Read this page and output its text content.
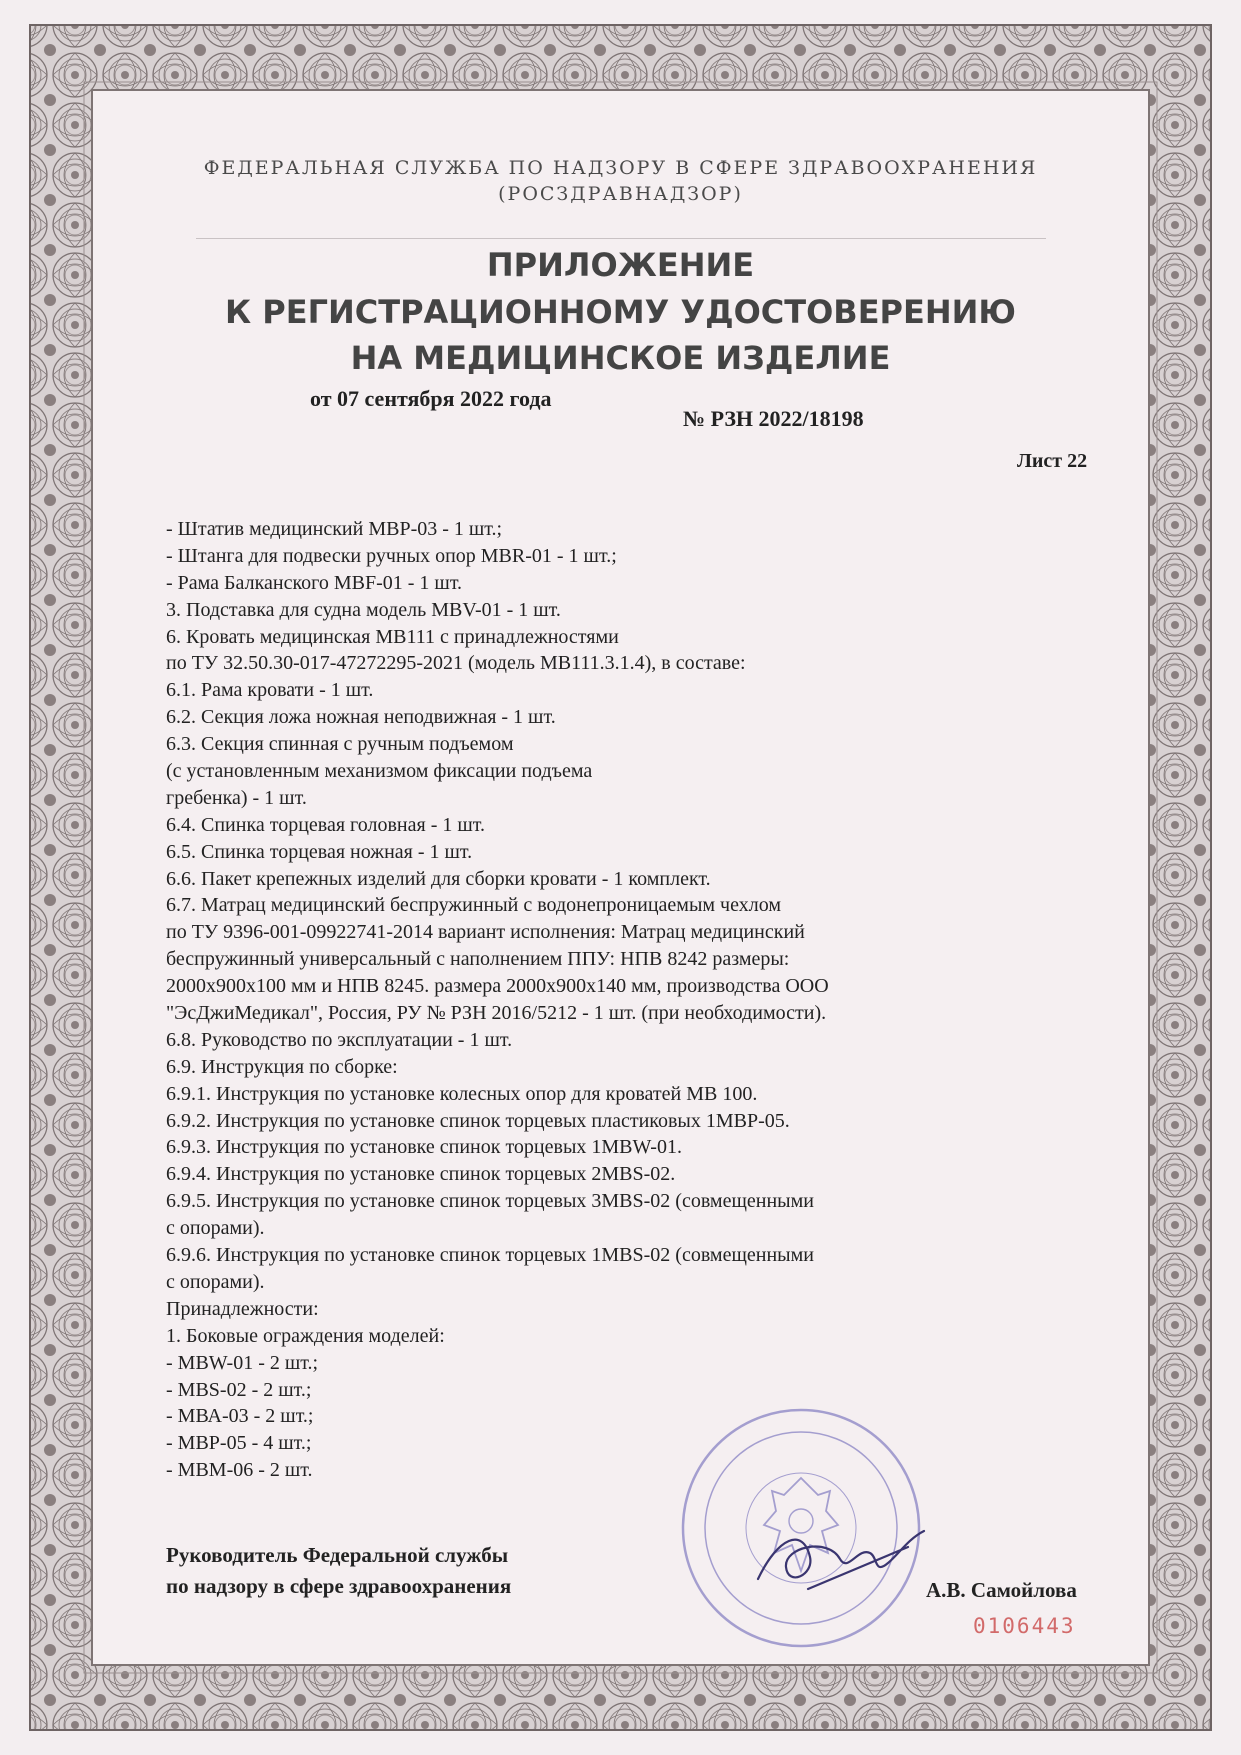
ФЕДЕРАЛЬНАЯ СЛУЖБА ПО НАДЗОРУ В СФЕРЕ ЗДРАВООХРАНЕНИЯ
(РОСЗДРАВНАДЗОР)
ПРИЛОЖЕНИЕ
К РЕГИСТРАЦИОННОМУ УДОСТОВЕРЕНИЮ
НА МЕДИЦИНСКОЕ ИЗДЕЛИЕ
от 07 сентября 2022 года
№ РЗН 2022/18198
Лист 22
- Штатив медицинский МВР-03 - 1 шт.;
- Штанга для подвески ручных опор MBR-01 - 1 шт.;
- Рама Балканского MBF-01 - 1 шт.
3. Подставка для судна модель MBV-01 - 1 шт.
6. Кровать медицинская МВ111 с принадлежностями
по ТУ 32.50.30-017-47272295-2021 (модель МВ111.3.1.4), в составе:
6.1. Рама кровати - 1 шт.
6.2. Секция ложа ножная неподвижная - 1 шт.
6.3. Секция спинная с ручным подъемом
(с установленным механизмом фиксации подъема
гребенка) - 1 шт.
6.4. Спинка торцевая головная - 1 шт.
6.5. Спинка торцевая ножная - 1 шт.
6.6. Пакет крепежных изделий для сборки кровати - 1 комплект.
6.7. Матрац медицинский беспружинный с водонепроницаемым чехлом
по ТУ 9396-001-09922741-2014 вариант исполнения: Матрац медицинский
беспружинный универсальный с наполнением ППУ: НПВ 8242 размеры:
2000х900х100 мм и НПВ 8245. размера 2000х900х140 мм, производства ООО
"ЭсДжиМедикал", Россия, РУ № РЗН 2016/5212 - 1 шт. (при необходимости).
6.8. Руководство по эксплуатации - 1 шт.
6.9. Инструкция по сборке:
6.9.1. Инструкция по установке колесных опор для кроватей МВ 100.
6.9.2. Инструкция по установке спинок торцевых пластиковых 1МВР-05.
6.9.3. Инструкция по установке спинок торцевых 1MBW-01.
6.9.4. Инструкция по установке спинок торцевых 2MBS-02.
6.9.5. Инструкция по установке спинок торцевых 3MBS-02 (совмещенными
с опорами).
6.9.6. Инструкция по установке спинок торцевых 1MBS-02 (совмещенными
с опорами).
Принадлежности:
1. Боковые ограждения моделей:
- MBW-01 - 2 шт.;
- MBS-02 - 2 шт.;
- МВА-03 - 2 шт.;
- МВР-05 - 4 шт.;
- МВМ-06 - 2 шт.
Руководитель Федеральной службы
по надзору в сфере здравоохранения	А.В. Самойлова
0106443
